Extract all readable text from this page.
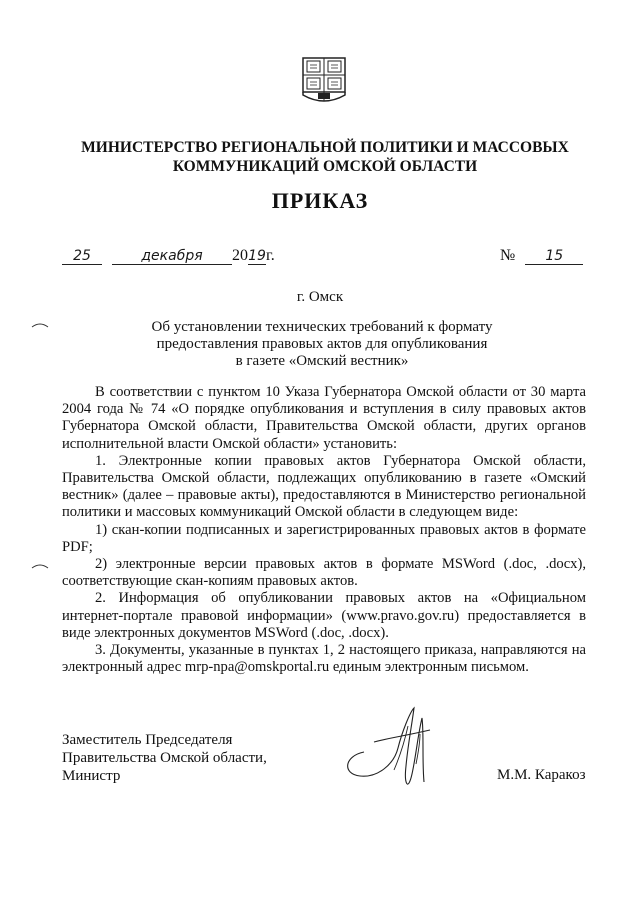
МИНИСТЕРСТВО РЕГИОНАЛЬНОЙ ПОЛИТИКИ И МАССОВЫХ
КОММУНИКАЦИЙ ОМСКОЙ ОБЛАСТИ
ПРИКАЗ
25	декабря 2019г.	№ 15
г. Омск
Об установлении технических требований к формату
предоставления правовых актов для опубликования
в газете «Омский вестник»

В соответствии с пунктом 10 Указа Губернатора Омской области от 30 марта 2004 года № 74 «О порядке опубликования и вступления в силу правовых актов Губернатора Омской области, Правительства Омской области, других органов исполнительной власти Омской области» установить:

1. Электронные копии правовых актов Губернатора Омской области, Правительства Омской области, подлежащих опубликованию в газете «Омский вестник» (далее – правовые акты), предоставляются в Министерство региональной политики и массовых коммуникаций Омской области в следующем виде:

1) скан-копии подписанных и зарегистрированных правовых актов в формате PDF;

2) электронные версии правовых актов в формате MSWord (.doc, .docx), соответствующие скан-копиям правовых актов.

2. Информация об опубликовании правовых актов на «Официальном интернет-портале правовой информации» (www.pravo.gov.ru) предоставляется в виде электронных документов MSWord (.doc, .docx).

3. Документы, указанные в пунктах 1, 2 настоящего приказа, направляются на электронный адрес mrp-npa@omskportal.ru единым электронным письмом.

Заместитель Председателя
Правительства Омской области,
Министр	М.М. Каракоз
